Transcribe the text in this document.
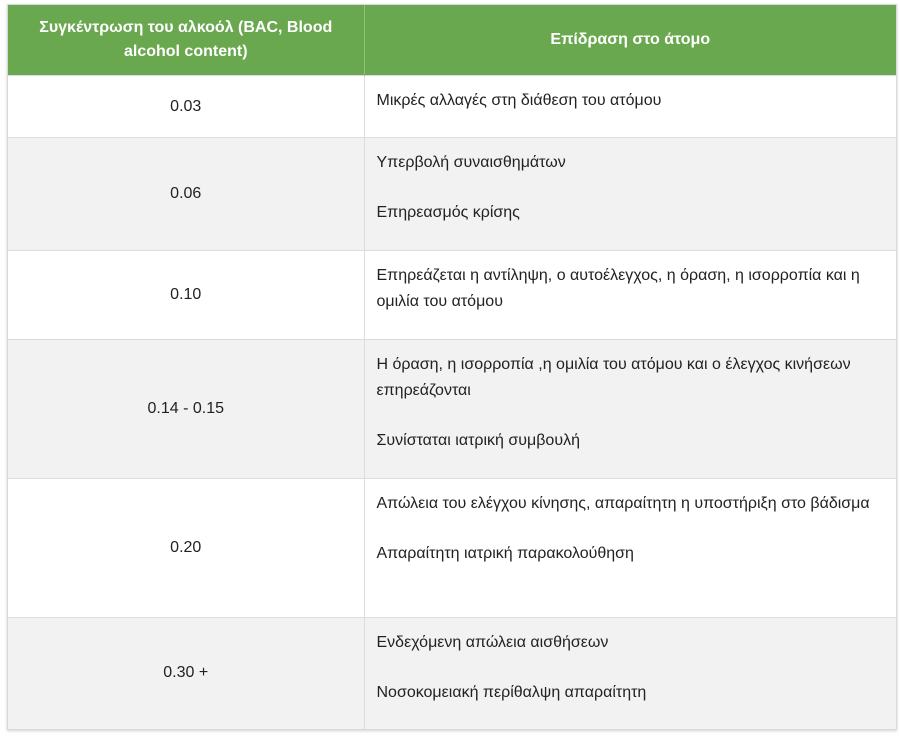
Συγκέντρωση του αλκοόλ (BAC, Blood alcohol content)	Επίδραση στο άτομο
0.03	Μικρές αλλαγές στη διάθεση του ατόμου

0.06	Υπερβολή συναισθημάτων

Επηρεασμός κρίσης

0.10	Επηρεάζεται η αντίληψη, ο αυτοέλεγχος, η όραση, η ισορροπία και η ομιλία του ατόμου

0.14 - 0.15	Η όραση, η ισορροπία ,η ομιλία του ατόμου και ο έλεγχος κινήσεων επηρεάζονται

Συνίσταται ιατρική συμβουλή

0.20	Απώλεια του ελέγχου κίνησης, απαραίτητη η υποστήριξη στο βάδισμα

Απαραίτητη ιατρική παρακολούθηση

0.30 +	Ενδεχόμενη απώλεια αισθήσεων

Νοσοκομειακή περίθαλψη απαραίτητη
